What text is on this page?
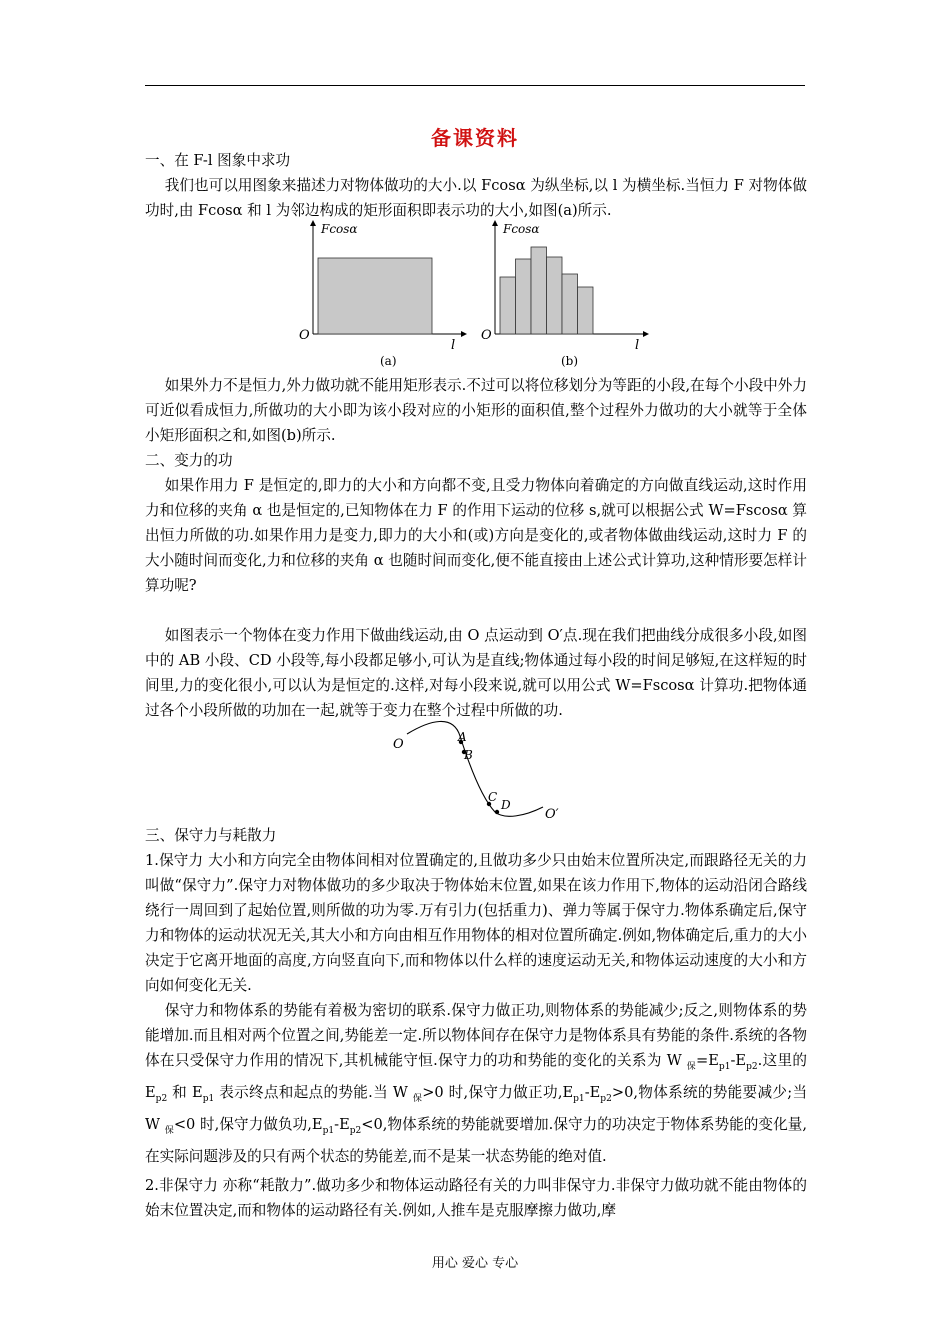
备课资料

一、在 F-l 图象中求功

我们也可以用图象来描述力对物体做功的大小.以 Fcosα 为纵坐标,以 l 为横坐标.当恒力 F 对物体做功时,由 Fcosα 和 l 为邻边构成的矩形面积即表示功的大小,如图(a)所示.

Fcosα
O
l
(a)
Fcosα
O
l
(b)

如果外力不是恒力,外力做功就不能用矩形表示.不过可以将位移划分为等距的小段,在每个小段中外力可近似看成恒力,所做功的大小即为该小段对应的小矩形的面积值,整个过程外力做功的大小就等于全体小矩形面积之和,如图(b)所示.

二、变力的功

如果作用力 F 是恒定的,即力的大小和方向都不变,且受力物体向着确定的方向做直线运动,这时作用力和位移的夹角 α 也是恒定的,已知物体在力 F 的作用下运动的位移 s,就可以根据公式 W=Fscosα 算出恒力所做的功.如果作用力是变力,即力的大小和(或)方向是变化的,或者物体做曲线运动,这时力 F 的大小随时间而变化,力和位移的夹角 α 也随时间而变化,便不能直接由上述公式计算功,这种情形要怎样计算功呢?

如图表示一个物体在变力作用下做曲线运动,由 O 点运动到 O′点.现在我们把曲线分成很多小段,如图中的 AB 小段、CD 小段等,每小段都足够小,可认为是直线;物体通过每小段的时间足够短,在这样短的时间里,力的变化很小,可以认为是恒定的.这样,对每小段来说,就可以用公式 W=Fscosα 计算功.把物体通过各个小段所做的功加在一起,就等于变力在整个过程中所做的功.

O	A
B
C
D
O′

三、保守力与耗散力

1.保守力 大小和方向完全由物体间相对位置确定的,且做功多少只由始末位置所决定,而跟路径无关的力叫做“保守力”.保守力对物体做功的多少取决于物体始末位置,如果在该力作用下,物体的运动沿闭合路线绕行一周回到了起始位置,则所做的功为零.万有引力(包括重力)、弹力等属于保守力.物体系确定后,保守力和物体的运动状况无关,其大小和方向由相互作用物体的相对位置所确定.例如,物体确定后,重力的大小决定于它离开地面的高度,方向竖直向下,而和物体以什么样的速度运动无关,和物体运动速度的大小和方向如何变化无关.

保守力和物体系的势能有着极为密切的联系.保守力做正功,则物体系的势能减少;反之,则物体系的势能增加.而且相对两个位置之间,势能差一定.所以物体间存在保守力是物体系具有势能的条件.系统的各物体在只受保守力作用的情况下,其机械能守恒.保守力的功和势能的变化的关系为 W $_保=E_{p1}-E_{p2}$.这里的 $E_{p2}$ 和 $E_{p1}$ 表示终点和起点的势能.当 W $_保$>0 时,保守力做正功$,E_{p1}-E_{p2}>0$,物体系统的势能要减少;当 W $_保$<0 时,保守力做负功$,E_{p1}-E_{p2}<0$,物体系统的势能就要增加.保守力的功决定于物体系势能的变化量,在实际问题涉及的只有两个状态的势能差,而不是某一状态势能的绝对值.

2.非保守力 亦称“耗散力”.做功多少和物体运动路径有关的力叫非保守力.非保守力做功就不能由物体的始末位置决定,而和物体的运动路径有关.例如,人推车是克服摩擦力做功,摩

用心 爱心 专心
